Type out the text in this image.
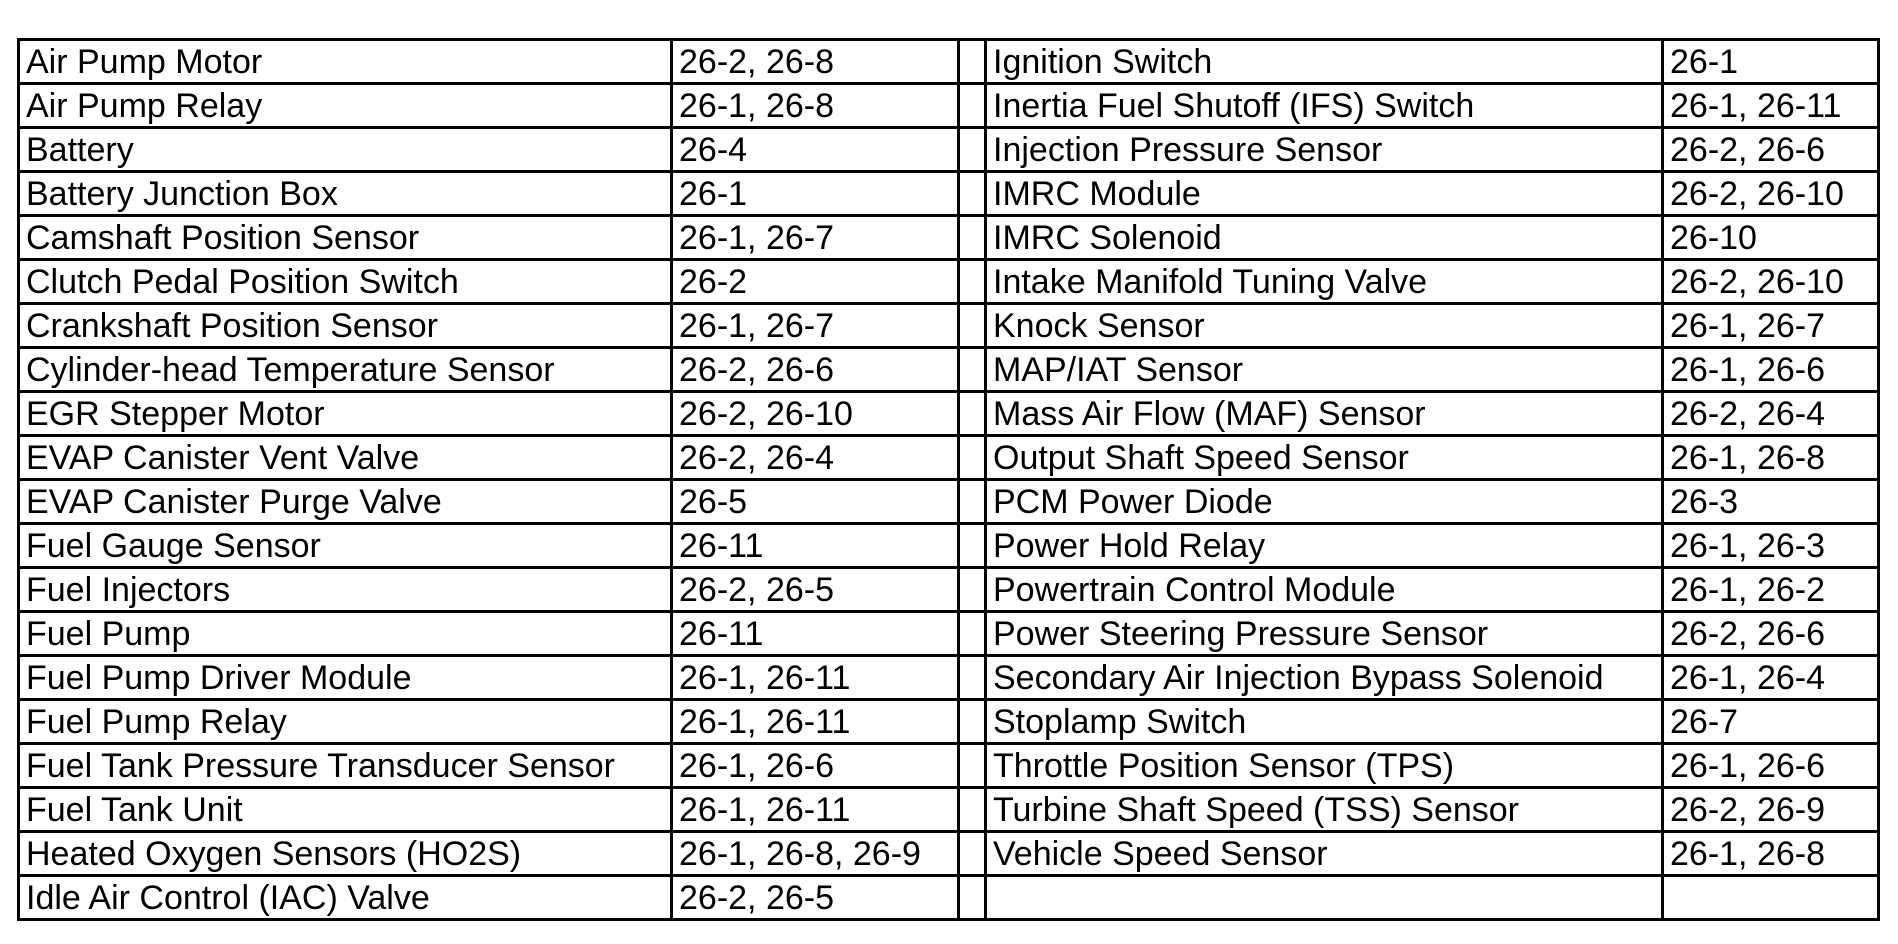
Air Pump Motor	26-2, 26-8		Ignition Switch	26-1
Air Pump Relay	26-1, 26-8		Inertia Fuel Shutoff (IFS) Switch	26-1, 26-11
Battery	26-4		Injection Pressure Sensor	26-2, 26-6
Battery Junction Box	26-1		IMRC Module	26-2, 26-10
Camshaft Position Sensor	26-1, 26-7		IMRC Solenoid	26-10
Clutch Pedal Position Switch	26-2		Intake Manifold Tuning Valve	26-2, 26-10
Crankshaft Position Sensor	26-1, 26-7		Knock Sensor	26-1, 26-7
Cylinder-head Temperature Sensor	26-2, 26-6		MAP/IAT Sensor	26-1, 26-6
EGR Stepper Motor	26-2, 26-10		Mass Air Flow (MAF) Sensor	26-2, 26-4
EVAP Canister Vent Valve	26-2, 26-4		Output Shaft Speed Sensor	26-1, 26-8
EVAP Canister Purge Valve	26-5		PCM Power Diode	26-3
Fuel Gauge Sensor	26-11		Power Hold Relay	26-1, 26-3
Fuel Injectors	26-2, 26-5		Powertrain Control Module	26-1, 26-2
Fuel Pump	26-11		Power Steering Pressure Sensor	26-2, 26-6
Fuel Pump Driver Module	26-1, 26-11		Secondary Air Injection Bypass Solenoid	26-1, 26-4
Fuel Pump Relay	26-1, 26-11		Stoplamp Switch	26-7
Fuel Tank Pressure Transducer Sensor	26-1, 26-6		Throttle Position Sensor (TPS)	26-1, 26-6
Fuel Tank Unit	26-1, 26-11		Turbine Shaft Speed (TSS) Sensor	26-2, 26-9
Heated Oxygen Sensors (HO2S)	26-1, 26-8, 26-9		Vehicle Speed Sensor	26-1, 26-8
Idle Air Control (IAC) Valve	26-2, 26-5			
